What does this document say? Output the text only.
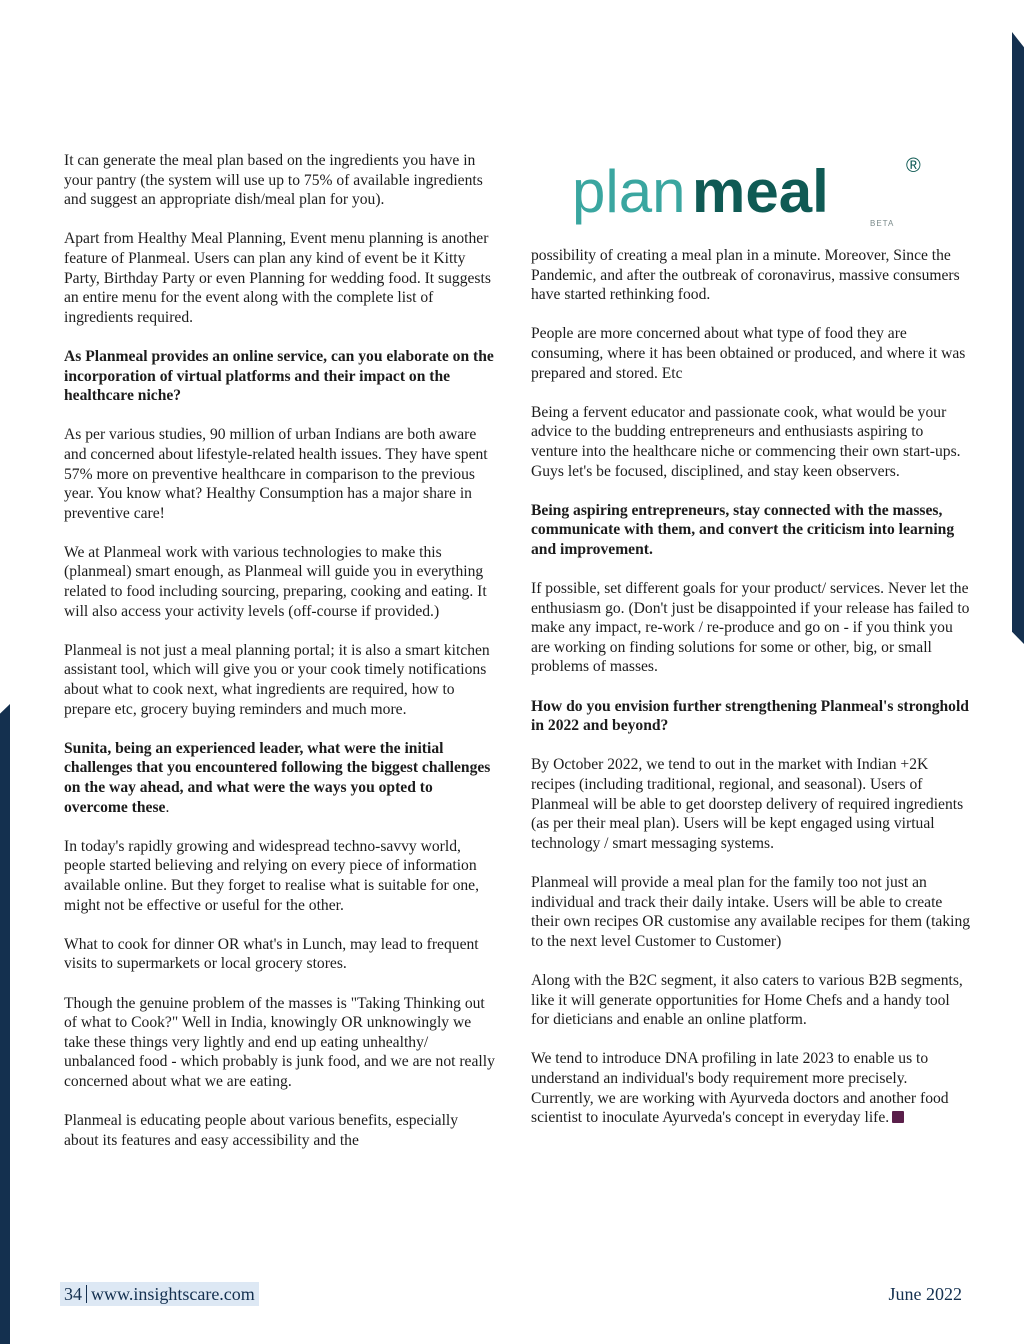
plan meal	®
BETA

It can generate the meal plan based on the ingredients you have in your pantry (the system will use up to 75% of available ingredients and suggest an appropriate dish/meal plan for you).

Apart from Healthy Meal Planning, Event menu planning is another feature of Planmeal. Users can plan any kind of event be it Kitty Party, Birthday Party or even Planning for wedding food. It suggests an entire menu for the event along with the complete list of ingredients required.

As Planmeal provides an online service, can you elaborate on the incorporation of virtual platforms and their impact on the healthcare niche?

As per various studies, 90 million of urban Indians are both aware and concerned about lifestyle-related health issues. They have spent 57% more on preventive healthcare in comparison to the previous year. You know what? Healthy Consumption has a major share in preventive care!

We at Planmeal work with various technologies to make this (planmeal) smart enough, as Planmeal will guide you in everything related to food including sourcing, preparing, cooking and eating. It will also access your activity levels (off-course if provided.)

Planmeal is not just a meal planning portal; it is also a smart kitchen assistant tool, which will give you or your cook timely notifications about what to cook next, what ingredients are required, how to prepare etc, grocery buying reminders and much more.

Sunita, being an experienced leader, what were the initial challenges that you encountered following the biggest challenges on the way ahead, and what were the ways you opted to overcome these.

In today's rapidly growing and widespread techno-savvy world, people started believing and relying on every piece of information available online. But they forget to realise what is suitable for one, might not be effective or useful for the other.

What to cook for dinner OR what's in Lunch, may lead to frequent visits to supermarkets or local grocery stores.

Though the genuine problem of the masses is "Taking Thinking out of what to Cook?" Well in India, knowingly OR unknowingly we take these things very lightly and end up eating unhealthy/ unbalanced food - which probably is junk food, and we are not really concerned about what we are eating.

Planmeal is educating people about various benefits, especially about its features and easy accessibility and the

possibility of creating a meal plan in a minute. Moreover, Since the Pandemic, and after the outbreak of coronavirus, massive consumers have started rethinking food.

People are more concerned about what type of food they are consuming, where it has been obtained or produced, and where it was prepared and stored. Etc

Being a fervent educator and passionate cook, what would be your advice to the budding entrepreneurs and enthusiasts aspiring to venture into the healthcare niche or commencing their own start-ups. Guys let's be focused, disciplined, and stay keen observers.

Being aspiring entrepreneurs, stay connected with the masses, communicate with them, and convert the criticism into learning and improvement.

If possible, set different goals for your product/ services. Never let the enthusiasm go. (Don't just be disappointed if your release has failed to make any impact, re-work / re-produce and go on - if you think you are working on finding solutions for some or other, big, or small problems of masses.

How do you envision further strengthening Planmeal's stronghold in 2022 and beyond?

By October 2022, we tend to out in the market with Indian +2K recipes (including traditional, regional, and seasonal). Users of Planmeal will be able to get doorstep delivery of required ingredients (as per their meal plan). Users will be kept engaged using virtual technology / smart messaging systems.

Planmeal will provide a meal plan for the family too not just an individual and track their daily intake. Users will be able to create their own recipes OR customise any available recipes for them (taking to the next level Customer to Customer)

Along with the B2C segment, it also caters to various B2B segments, like it will generate opportunities for Home Chefs and a handy tool for dieticians and enable an online platform.

We tend to introduce DNA profiling in late 2023 to enable us to understand an individual's body requirement more precisely. Currently, we are working with Ayurveda doctors and another food scientist to inoculate Ayurveda's concept in everyday life.

34 www.insightscare.com	June 2022
